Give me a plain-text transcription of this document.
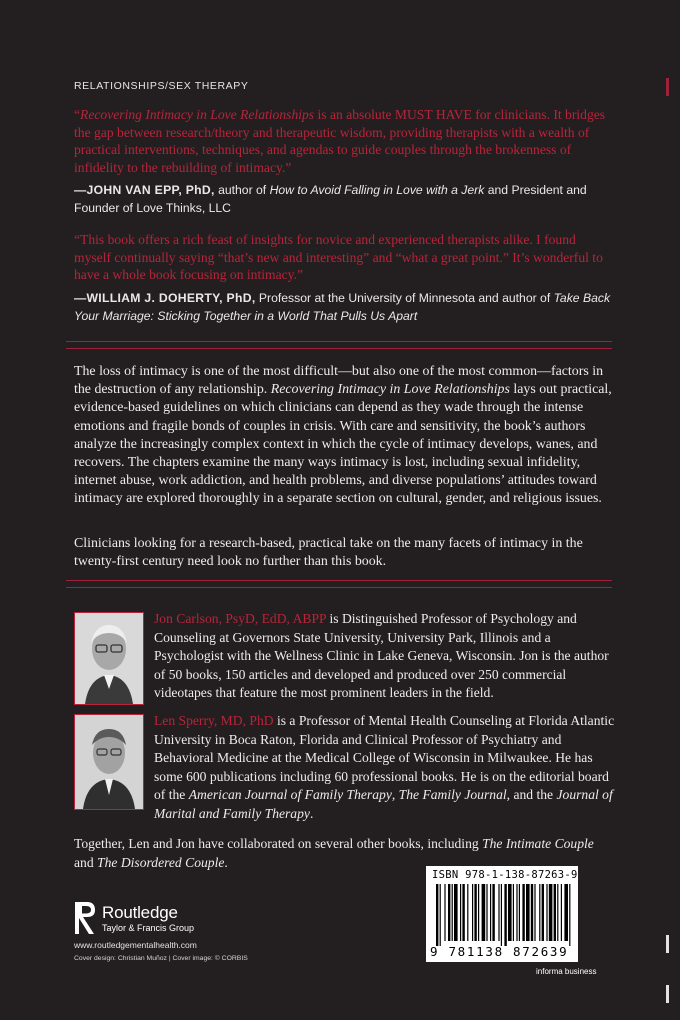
RELATIONSHIPS/SEX THERAPY
“Recovering Intimacy in Love Relationships is an absolute MUST HAVE for clinicians. It bridges the gap between research/theory and therapeutic wisdom, providing therapists with a wealth of practical interventions, techniques, and agendas to guide couples through the brokenness of infidelity to the rebuilding of intimacy.”
—JOHN VAN EPP, PhD, author of How to Avoid Falling in Love with a Jerk and President and Founder of Love Thinks, LLC
“This book offers a rich feast of insights for novice and experienced therapists alike. I found myself continually saying “that’s new and interesting” and “what a great point.” It’s wonderful to have a whole book focusing on intimacy.”
—WILLIAM J. DOHERTY, PhD, Professor at the University of Minnesota and author of Take Back Your Marriage: Sticking Together in a World That Pulls Us Apart
The loss of intimacy is one of the most difficult—but also one of the most common—factors in the destruction of any relationship. Recovering Intimacy in Love Relationships lays out practical, evidence-based guidelines on which clinicians can depend as they wade through the intense emotions and fragile bonds of couples in crisis. With care and sensitivity, the book’s authors analyze the increasingly complex context in which the cycle of intimacy develops, wanes, and recovers. The chapters examine the many ways intimacy is lost, including sexual infidelity, internet abuse, work addiction, and health problems, and diverse populations’ attitudes toward intimacy are explored thoroughly in a separate section on cultural, gender, and religious issues.
Clinicians looking for a research-based, practical take on the many facets of intimacy in the twenty-first century need look no further than this book.
Jon Carlson, PsyD, EdD, ABPP is Distinguished Professor of Psychology and Counseling at Governors State University, University Park, Illinois and a Psychologist with the Wellness Clinic in Lake Geneva, Wisconsin. Jon is the author of 50 books, 150 articles and developed and produced over 250 commercial videotapes that feature the most prominent leaders in the field.
Len Sperry, MD, PhD is a Professor of Mental Health Counseling at Florida Atlantic University in Boca Raton, Florida and Clinical Professor of Psychiatry and Behavioral Medicine at the Medical College of Wisconsin in Milwaukee. He has some 600 publications including 60 professional books. He is on the editorial board of the American Journal of Family Therapy, The Family Journal, and the Journal of Marital and Family Therapy.
Together, Len and Jon have collaborated on several other books, including The Intimate Couple and The Disordered Couple.
Routledge
Taylor & Francis Group
www.routledgementalhealth.com
Cover design: Christian Muñoz | Cover image: © CORBIS
ISBN 978-1-138-87263-9
9 781138 872639
informa business
